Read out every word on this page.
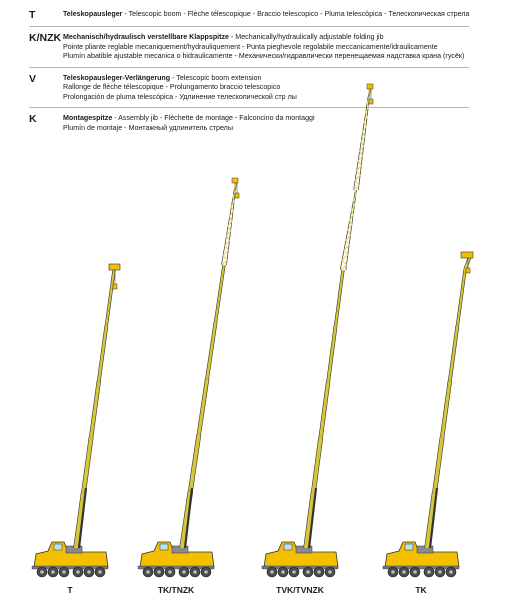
T	Teleskopausleger - Telescopic boom - Flèche télescopique - Braccio telescopico - Pluma telescópica - Телескопическая стрела
K/NZK Mechanisch/hydraulisch verstellbare Klappspitze - Mechanically/hydraulically adjustable folding jib
Pointe pliante reglable mecaniquement/hydrauliquement - Punta pieghevole regolabile meccanicamente/idraulicamente
Plumín abatible ajustable mecanica o hidraulicamente - Механически/гидравлически перенещаемая надставка крана (гусёк)
V	Teleskopausleger-Verlängerung - Telescopic boom extension
Rallonge de flèche télescopique - Prolungamento braccio telescopico
Prolongación de pluma telescópica - Удлинение телескопической стр лы
K	Montagespitze - Assembly jib - Fléchette de montage - Falconcino da montaggi
Plumín de montaje - Монтажный удлинитель стрелы
T	TK/TNZK	TVK/TVNZK	TK
